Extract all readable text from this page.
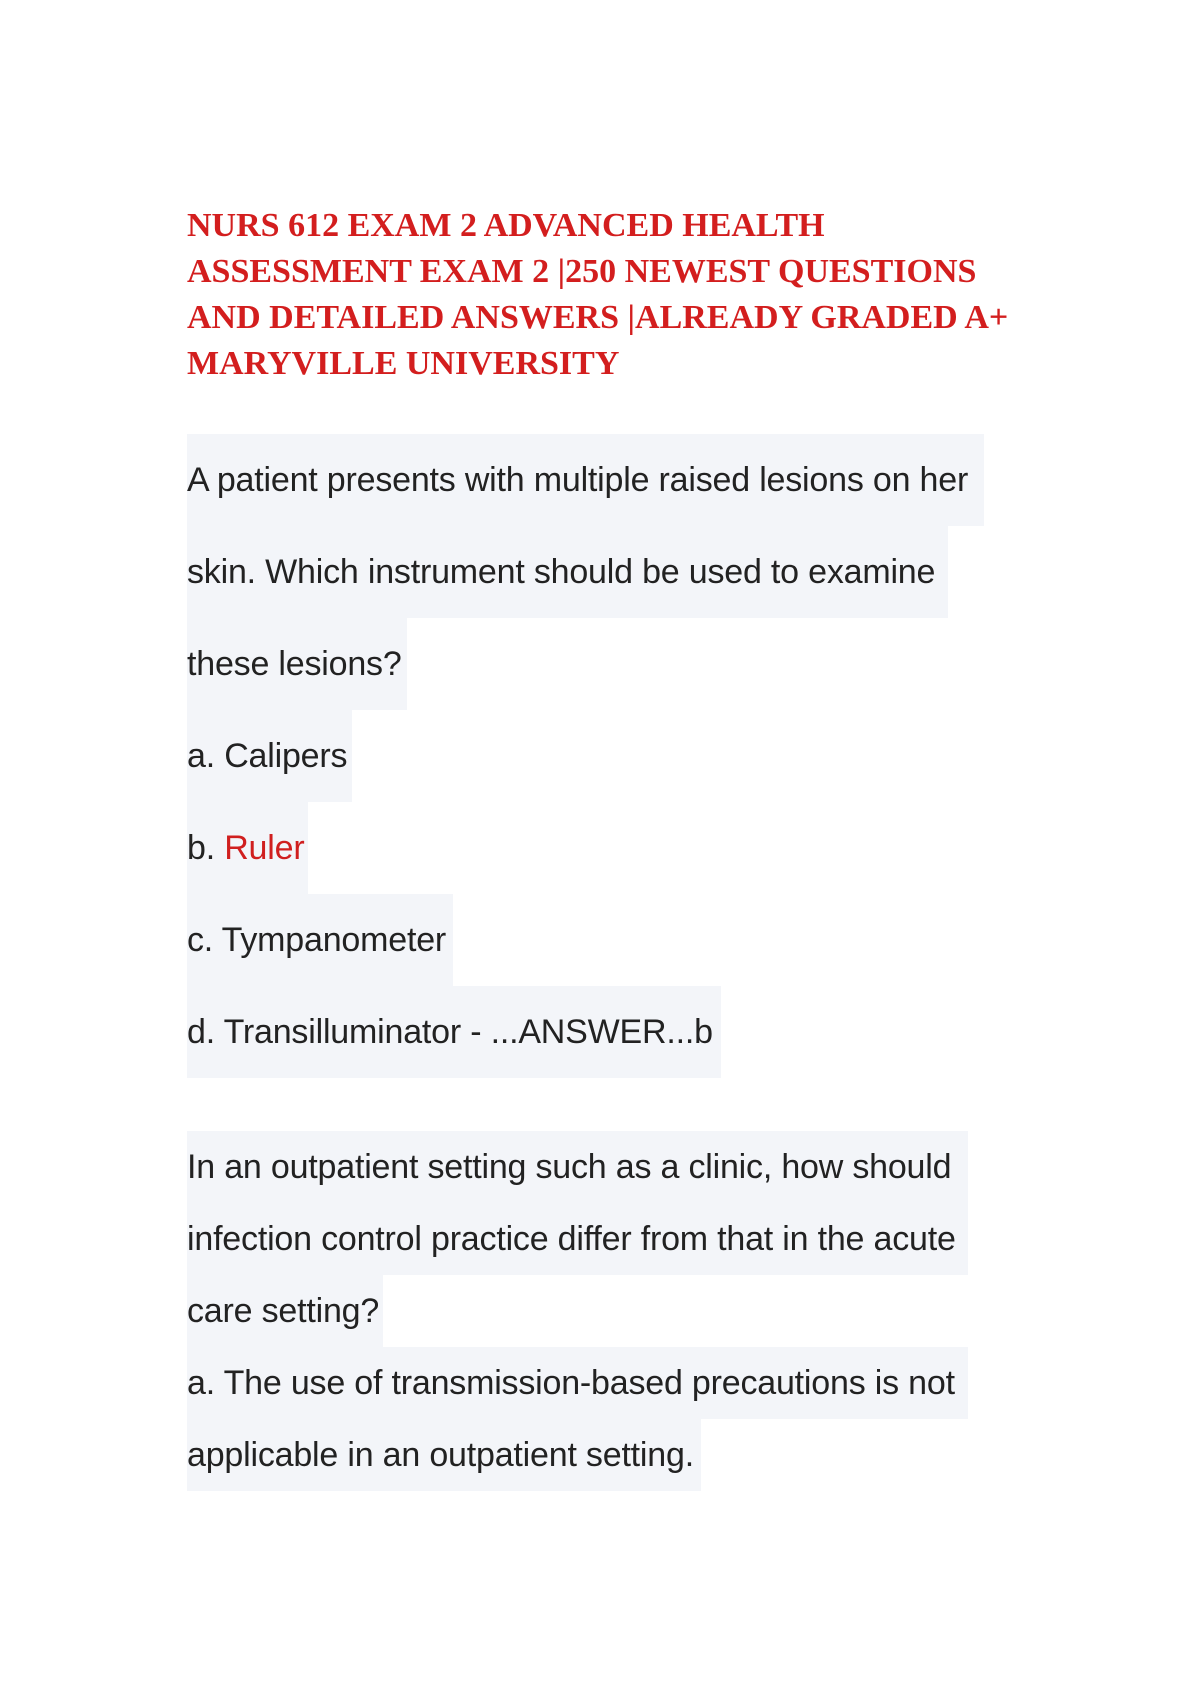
NURS 612 EXAM 2 ADVANCED HEALTH
ASSESSMENT EXAM 2 |250 NEWEST QUESTIONS
AND DETAILED ANSWERS |ALREADY GRADED A+
MARYVILLE UNIVERSITY
A patient presents with multiple raised lesions on her
skin. Which instrument should be used to examine
these lesions?
a. Calipers
b. Ruler
c. Tympanometer
d. Transilluminator - ...ANSWER...b
In an outpatient setting such as a clinic, how should
infection control practice differ from that in the acute
care setting?
a. The use of transmission-based precautions is not
applicable in an outpatient setting.
